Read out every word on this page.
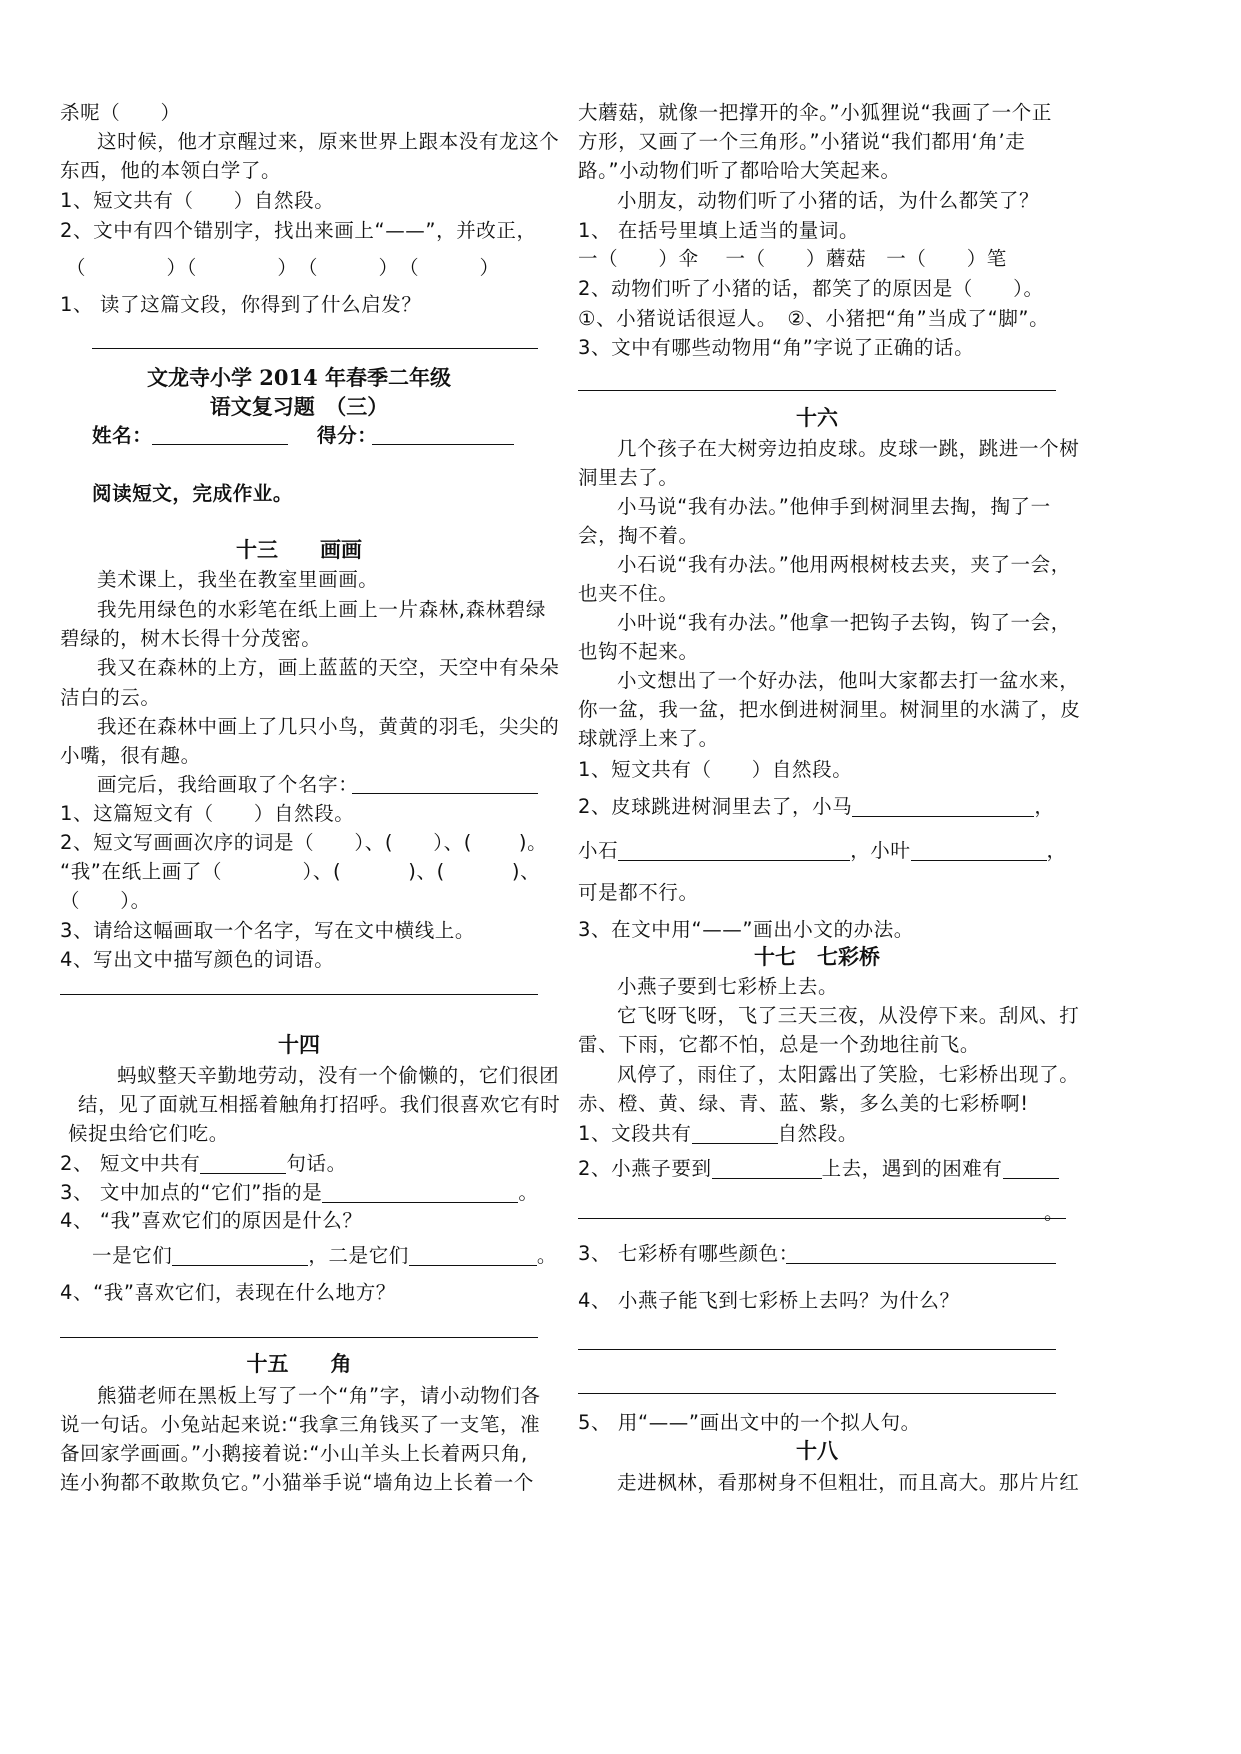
杀呢（　　）
这时候，他才京醒过来，原来世界上跟本没有龙这个
东西，他的本领白学了。
1、短文共有（　　）自然段。
2、文中有四个错别字，找出来画上“——”，并改正，
（　　　　）（　　　　）　（　　　）　（　　　）
1、 读了这篇文段，你得到了什么启发？
文龙寺小学 2014 年春季二年级
语文复习题　（三）
姓名：	得分：
阅读短文，完成作业。
十三　　画画
美术课上，我坐在教室里画画。
我先用绿色的水彩笔在纸上画上一片森林,森林碧绿
碧绿的，树木长得十分茂密。
我又在森林的上方，画上蓝蓝的天空，天空中有朵朵
洁白的云。
我还在森林中画上了几只小鸟，黄黄的羽毛，尖尖的
小嘴，很有趣。
画完后，我给画取了个名字：
1、这篇短文有（　　）自然段。
2、短文写画画次序的词是（　　）、(　　）、(　　 )。
“我”在纸上画了（　　　　）、(　　　 )、(　　　 )、
（　　）。
3、请给这幅画取一个名字，写在文中横线上。
4、写出文中描写颜色的词语。
十四
蚂蚁整天辛勤地劳动，没有一个偷懒的，它们很团
结，见了面就互相摇着触角打招呼。我们很喜欢它有时
候捉虫给它们吃。
2、 短文中共有	句话。
3、 文中加点的“它们”指的是	。
4、 “我”喜欢它们的原因是什么？
一是它们	，二是它们	。
4、“我”喜欢它们，表现在什么地方？
十五　　角
熊猫老师在黑板上写了一个“角”字，请小动物们各
说一句话。小兔站起来说:“我拿三角钱买了一支笔，准
备回家学画画。”小鹅接着说:“小山羊头上长着两只角,
连小狗都不敢欺负它。”小猫举手说“墙角边上长着一个
大蘑菇，就像一把撑开的伞。”小狐狸说“我画了一个正
方形，又画了一个三角形。”小猪说“我们都用‘角’走
路。”小动物们听了都哈哈大笑起来。
小朋友，动物们听了小猪的话，为什么都笑了？
1、 在括号里填上适当的量词。
一（　　）伞　 一（　　）蘑菇　一（　　）笔
2、动物们听了小猪的话，都笑了的原因是（　　）。
①、小猪说话很逗人。　②、小猪把“角”当成了“脚”。
3、文中有哪些动物用“角”字说了正确的话。
十六
几个孩子在大树旁边拍皮球。皮球一跳，跳进一个树
洞里去了。
小马说“我有办法。”他伸手到树洞里去掏，掏了一
会，掏不着。
小石说“我有办法。”他用两根树枝去夹，夹了一会，
也夹不住。
小叶说“我有办法。”他拿一把钩子去钩，钩了一会，
也钩不起来。
小文想出了一个好办法，他叫大家都去打一盆水来，
你一盆，我一盆，把水倒进树洞里。树洞里的水满了，皮
球就浮上来了。
1、短文共有（　　）自然段。
2、皮球跳进树洞里去了，小马	，
小石	，小叶	，
可是都不行。
3、在文中用“——”画出小文的办法。
十七　七彩桥
小燕子要到七彩桥上去。
它飞呀飞呀，飞了三天三夜，从没停下来。刮风、打
雷、下雨，它都不怕，总是一个劲地往前飞。
风停了，雨住了，太阳露出了笑脸，七彩桥出现了。
赤、橙、黄、绿、青、蓝、紫，多么美的七彩桥啊!
1、文段共有	自然段。
2、小燕子要到	上去，遇到的困难有
。
3、 七彩桥有哪些颜色：
4、 小燕子能飞到七彩桥上去吗？为什么？
5、 用“——”画出文中的一个拟人句。
十八
走进枫林，看那树身不但粗壮，而且高大。那片片红
